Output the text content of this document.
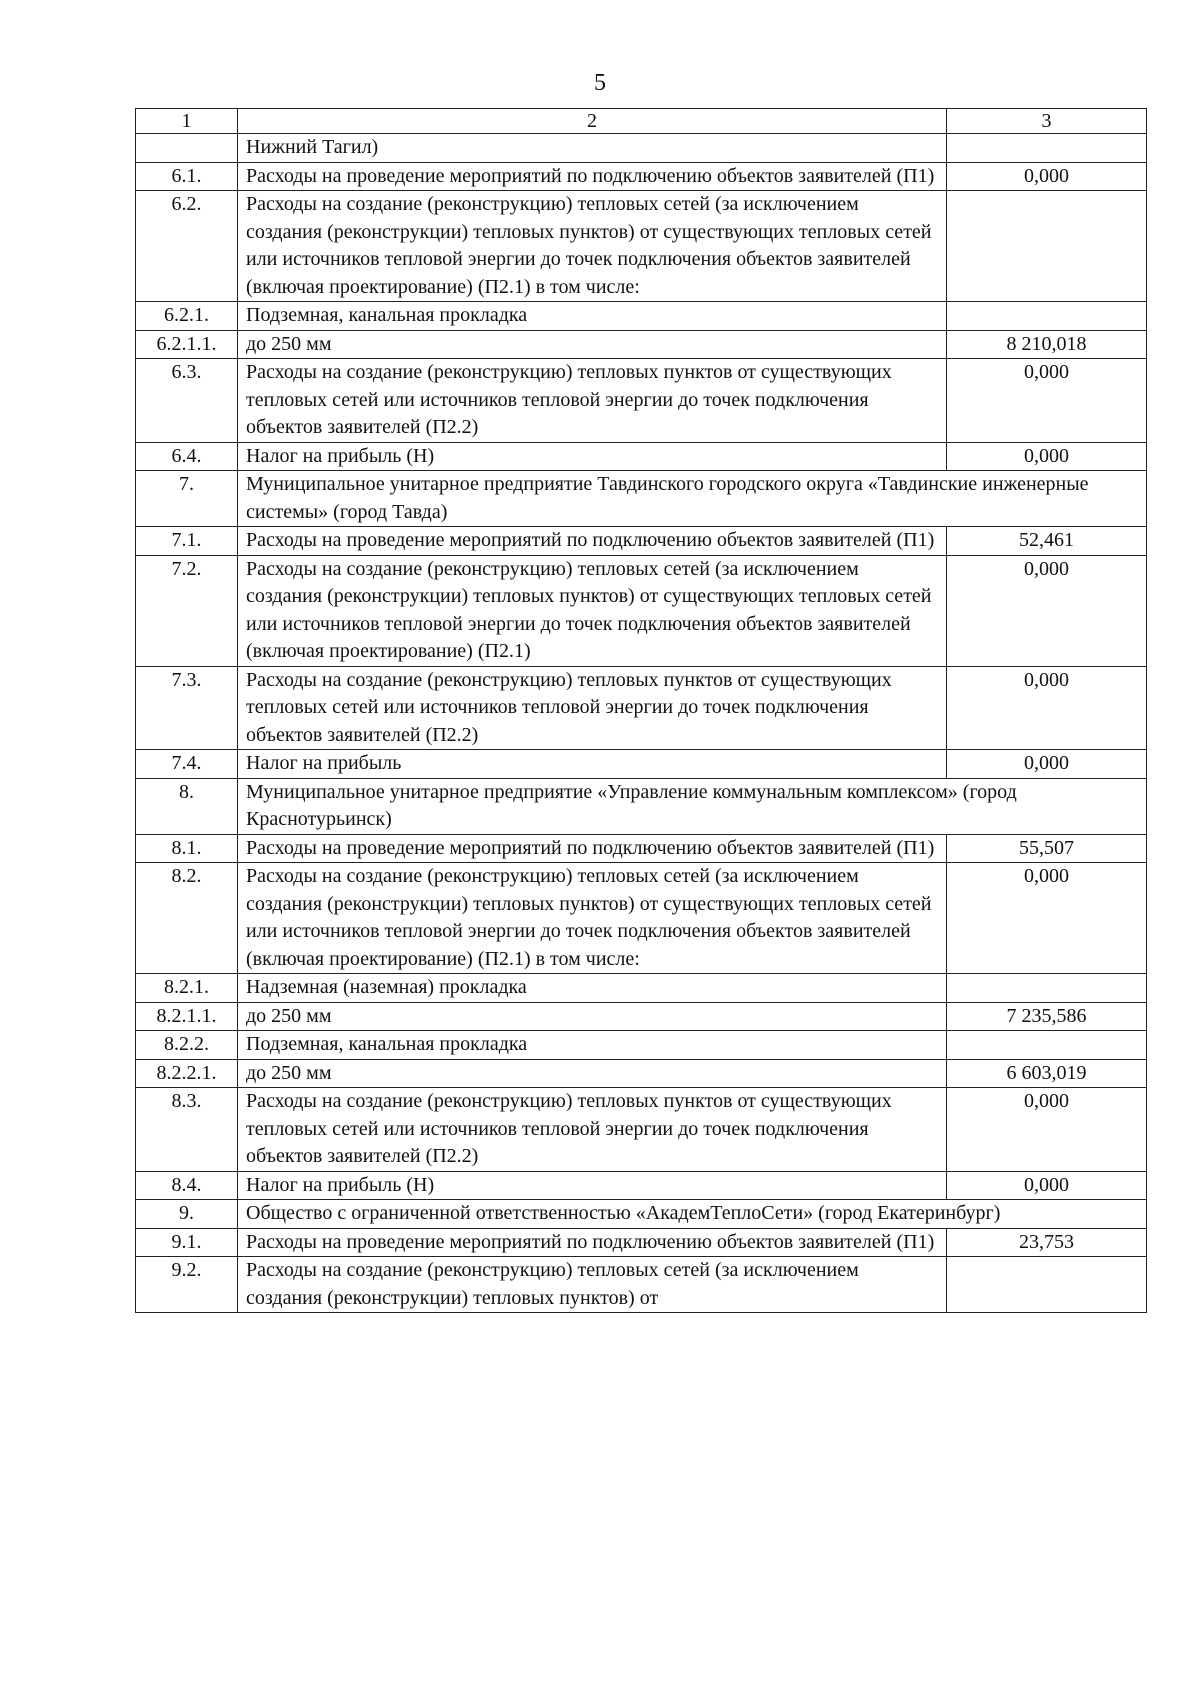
5
1	2	3
	Нижний Тагил)	
6.1.	Расходы на проведение мероприятий по подключению объектов заявителей (П1)	0,000
6.2.	Расходы на создание (реконструкцию) тепловых сетей (за исключением создания (реконструкции) тепловых пунктов) от существующих тепловых сетей или источников тепловой энергии до точек подключения объектов заявителей (включая проектирование) (П2.1) в том числе:	
6.2.1.	Подземная, канальная прокладка	
6.2.1.1.	до 250 мм	8 210,018
6.3.	Расходы на создание (реконструкцию) тепловых пунктов от существующих тепловых сетей или источников тепловой энергии до точек подключения объектов заявителей (П2.2)	0,000
6.4.	Налог на прибыль (Н)	0,000
7.	Муниципальное унитарное предприятие Тавдинского городского округа «Тавдинские инженерные системы» (город Тавда)	
7.1.	Расходы на проведение мероприятий по подключению объектов заявителей (П1)	52,461
7.2.	Расходы на создание (реконструкцию) тепловых сетей (за исключением создания (реконструкции) тепловых пунктов) от существующих тепловых сетей или источников тепловой энергии до точек подключения объектов заявителей (включая проектирование) (П2.1)	0,000
7.3.	Расходы на создание (реконструкцию) тепловых пунктов от существующих тепловых сетей или источников тепловой энергии до точек подключения объектов заявителей (П2.2)	0,000
7.4.	Налог на прибыль	0,000
8.	Муниципальное унитарное предприятие «Управление коммунальным комплексом» (город Краснотурьинск)	
8.1.	Расходы на проведение мероприятий по подключению объектов заявителей (П1)	55,507
8.2.	Расходы на создание (реконструкцию) тепловых сетей (за исключением создания (реконструкции) тепловых пунктов) от существующих тепловых сетей или источников тепловой энергии до точек подключения объектов заявителей (включая проектирование) (П2.1) в том числе:	0,000
8.2.1.	Надземная (наземная) прокладка	
8.2.1.1.	до 250 мм	7 235,586
8.2.2.	Подземная, канальная прокладка	
8.2.2.1.	до 250 мм	6 603,019
8.3.	Расходы на создание (реконструкцию) тепловых пунктов от существующих тепловых сетей или источников тепловой энергии до точек подключения объектов заявителей (П2.2)	0,000
8.4.	Налог на прибыль (Н)	0,000
9.	Общество с ограниченной ответственностью «АкадемТеплоСети» (город Екатеринбург)	
9.1.	Расходы на проведение мероприятий по подключению объектов заявителей (П1)	23,753
9.2.	Расходы на создание (реконструкцию) тепловых сетей (за исключением создания (реконструкции) тепловых пунктов) от	
